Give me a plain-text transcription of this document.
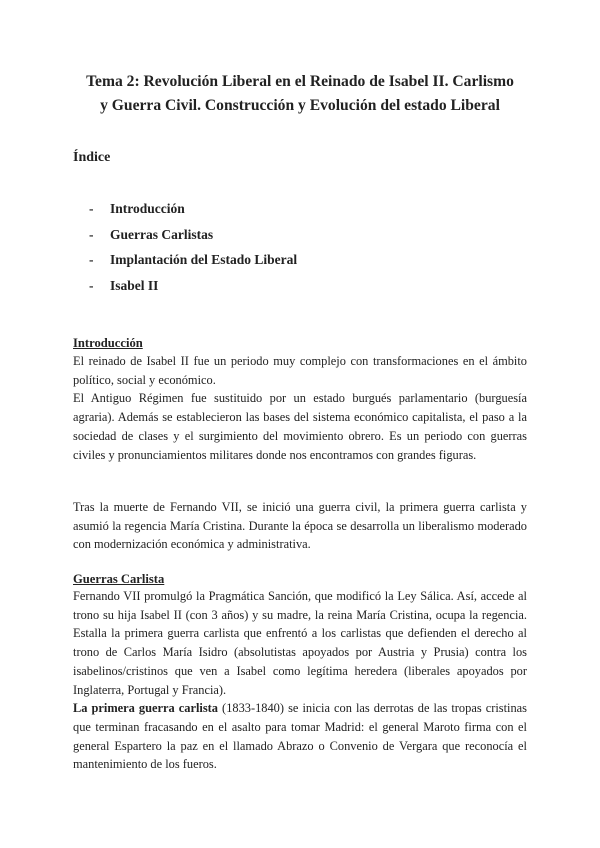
Tema 2: Revolución Liberal en el Reinado de Isabel II. Carlismo
y Guerra Civil. Construcción y Evolución del estado Liberal
Índice
-	Introducción
-	Guerras Carlistas
-	Implantación del Estado Liberal
-	Isabel II
Introducción

El reinado de Isabel II fue un periodo muy complejo con transformaciones en el ámbito político, social y económico.

El Antiguo Régimen fue sustituido por un estado burgués parlamentario (burguesía agraria). Además se establecieron las bases del sistema económico capitalista, el paso a la sociedad de clases y el surgimiento del movimiento obrero. Es un periodo con guerras civiles y pronunciamientos militares donde nos encontramos con grandes figuras.

Tras la muerte de Fernando VII, se inició una guerra civil, la primera guerra carlista y asumió la regencia María Cristina. Durante la época se desarrolla un liberalismo moderado con modernización económica y administrativa.

Guerras Carlista

Fernando VII promulgó la Pragmática Sanción, que modificó la Ley Sálica. Así, accede al trono su hija Isabel II (con 3 años) y su madre, la reina María Cristina, ocupa la regencia. Estalla la primera guerra carlista que enfrentó a los carlistas que defienden el derecho al trono de Carlos María Isidro (absolutistas apoyados por Austria y Prusia) contra los isabelinos/cristinos que ven a Isabel como legítima heredera (liberales apoyados por Inglaterra, Portugal y Francia).

La primera guerra carlista (1833-1840) se inicia con las derrotas de las tropas cristinas que terminan fracasando en el asalto para tomar Madrid: el general Maroto firma con el general Espartero la paz en el llamado Abrazo o Convenio de Vergara que reconocía el mantenimiento de los fueros.
